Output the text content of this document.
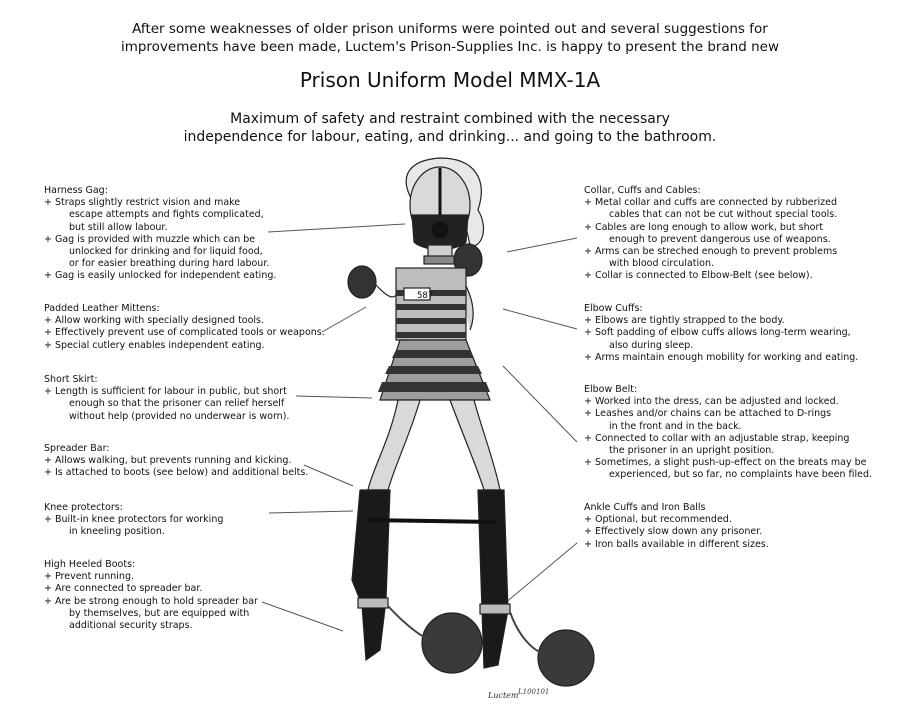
After some weaknesses of older prison uniforms were pointed out and several suggestions for
improvements have been made, Luctem's Prison-Supplies Inc. is happy to present the brand new
Prison Uniform Model MMX-1A
Maximum of safety and restraint combined with the necessary
independence for labour, eating, and drinking... and going to the bathroom.
587
Luctem L100101
Harness Gag:
+ Straps slightly restrict vision and make
escape attempts and fights complicated,
but still allow labour.
+ Gag is provided with muzzle which can be
unlocked for drinking and for liquid food,
or for easier breathing during hard labour.
+ Gag is easily unlocked for independent eating.
Padded Leather Mittens:
+ Allow working with specially designed tools.
+ Effectively prevent use of complicated tools or weapons.
+ Special cutlery enables independent eating.
Short Skirt:
+ Length is sufficient for labour in public, but short
enough so that the prisoner can relief herself
without help (provided no underwear is worn).
Spreader Bar:
+ Allows walking, but prevents running and kicking.
+ Is attached to boots (see below) and additional belts.
Knee protectors:
+ Built-in knee protectors for working
in kneeling position.
High Heeled Boots:
+ Prevent running.
+ Are connected to spreader bar.
+ Are be strong enough to hold spreader bar
by themselves, but are equipped with
additional security straps.
Collar, Cuffs and Cables:
+ Metal collar and cuffs are connected by rubberized
cables that can not be cut without special tools.
+ Cables are long enough to allow work, but short
enough to prevent dangerous use of weapons.
+ Arms can be streched enough to prevent problems
with blood circulation.
+ Collar is connected to Elbow-Belt (see below).
Elbow Cuffs:
+ Elbows are tightly strapped to the body.
+ Soft padding of elbow cuffs allows long-term wearing,
also during sleep.
+ Arms maintain enough mobility for working and eating.
Elbow Belt:
+ Worked into the dress, can be adjusted and locked.
+ Leashes and/or chains can be attached to D-rings
in the front and in the back.
+ Connected to collar with an adjustable strap, keeping
the prisoner in an upright position.
+ Sometimes, a slight push-up-effect on the breats may be
experienced, but so far, no complaints have been filed.
Ankle Cuffs and Iron Balls
+ Optional, but recommended.
+ Effectively slow down any prisoner.
+ Iron balls available in different sizes.
